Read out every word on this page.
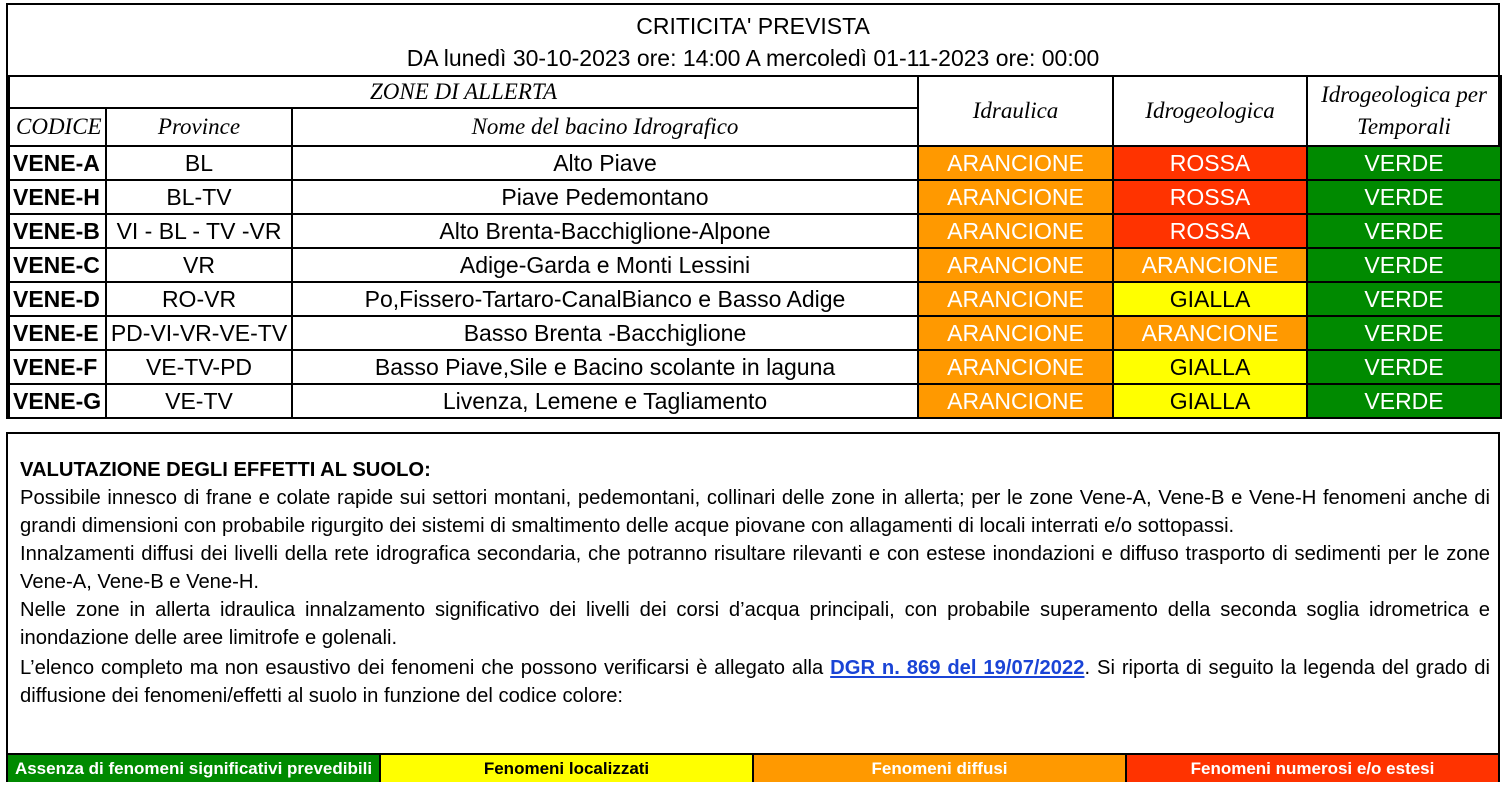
CRITICITA' PREVISTA
DA lunedì 30-10-2023 ore: 14:00 A mercoledì 01-11-2023 ore: 00:00
ZONE DI ALLERTA			Idraulica	Idrogeologica	Idrogeologica per Temporali
CODICE	Province	Nome del bacino Idrografico			
VENE-A	BL	Alto Piave	ARANCIONE	ROSSA	VERDE
VENE-H	BL-TV	Piave Pedemontano	ARANCIONE	ROSSA	VERDE
VENE-B	VI - BL - TV -VR	Alto Brenta-Bacchiglione-Alpone	ARANCIONE	ROSSA	VERDE
VENE-C	VR	Adige-Garda e Monti Lessini	ARANCIONE	ARANCIONE	VERDE
VENE-D	RO-VR	Po,Fissero-Tartaro-CanalBianco e Basso Adige	ARANCIONE	GIALLA	VERDE
VENE-E	PD-VI-VR-VE-TV	Basso Brenta -Bacchiglione	ARANCIONE	ARANCIONE	VERDE
VENE-F	VE-TV-PD	Basso Piave,Sile e Bacino scolante in laguna	ARANCIONE	GIALLA	VERDE
VENE-G	VE-TV	Livenza, Lemene e Tagliamento	ARANCIONE	GIALLA	VERDE

VALUTAZIONE DEGLI EFFETTI AL SUOLO:

Possibile innesco di frane e colate rapide sui settori montani, pedemontani, collinari delle zone in allerta; per le zone Vene-A, Vene-B e Vene-H fenomeni anche di grandi dimensioni con probabile rigurgito dei sistemi di smaltimento delle acque piovane con allagamenti di locali interrati e/o sottopassi.

Innalzamenti diffusi dei livelli della rete idrografica secondaria, che potranno risultare rilevanti e con estese inondazioni e diffuso trasporto di sedimenti per le zone Vene-A, Vene-B e Vene-H.

Nelle zone in allerta idraulica innalzamento significativo dei livelli dei corsi d’acqua principali, con probabile superamento della seconda soglia idrometrica e inondazione delle aree limitrofe e golenali.

L’elenco completo ma non esaustivo dei fenomeni che possono verificarsi è allegato alla DGR n. 869 del 19/07/2022. Si riporta di seguito la legenda del grado di diffusione dei fenomeni/effetti al suolo in funzione del codice colore:

Assenza di fenomeni significativi prevedibili	Fenomeni localizzati	Fenomeni diffusi	Fenomeni numerosi e/o estesi
